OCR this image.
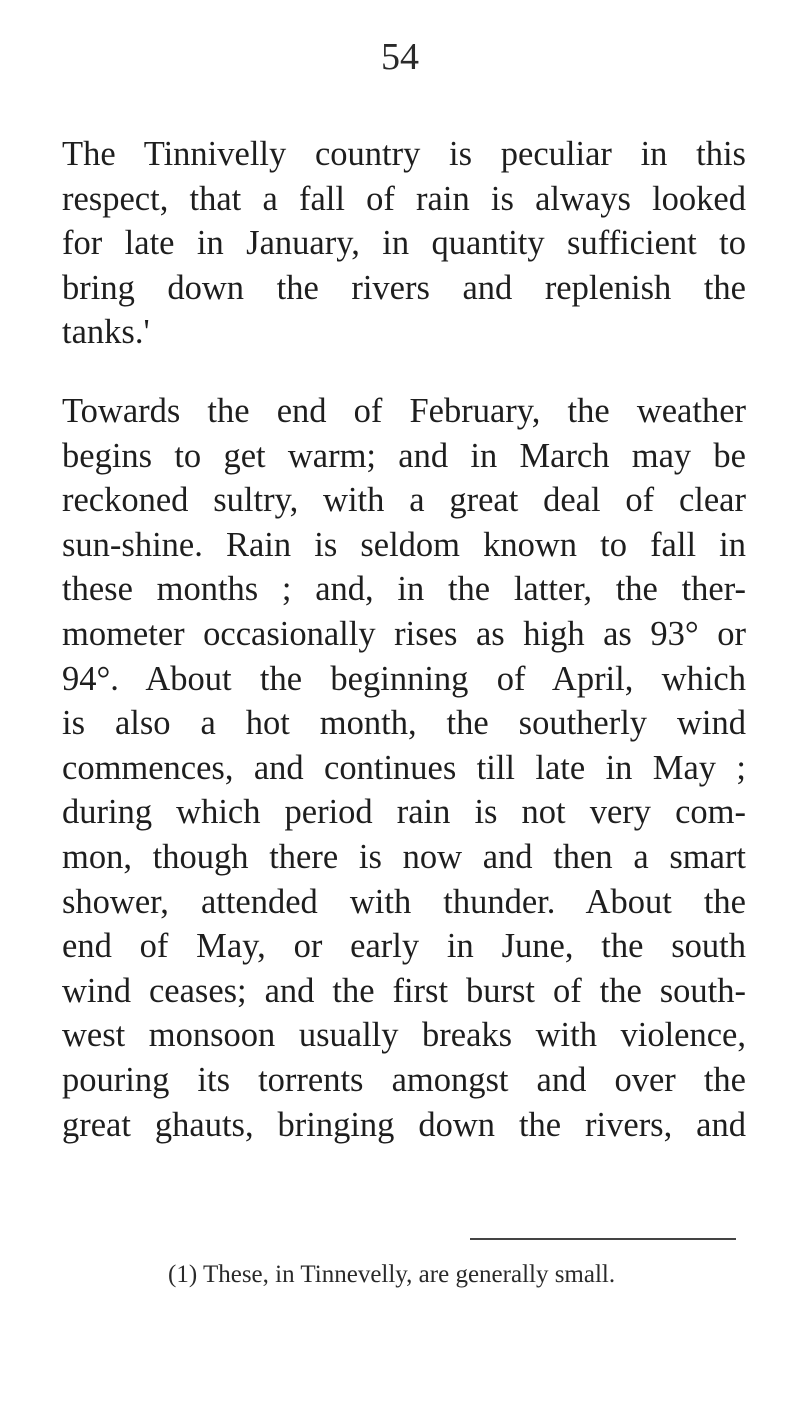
54
The Tinnivelly country is peculiar in this
respect, that a fall of rain is always looked
for late in January, in quantity sufficient to
bring down the rivers and replenish the
tanks.'
Towards the end of February, the weather
begins to get warm; and in March may be
reckoned sultry, with a great deal of clear
sun-shine. Rain is seldom known to fall in
these months ; and, in the latter, the ther-
mometer occasionally rises as high as 93° or
94°. About the beginning of April, which
is also a hot month, the southerly wind
commences, and continues till late in May ;
during which period rain is not very com-
mon, though there is now and then a smart
shower, attended with thunder. About the
end of May, or early in June, the south
wind ceases; and the first burst of the south-
west monsoon usually breaks with violence,
pouring its torrents amongst and over the
great ghauts, bringing down the rivers, and
(1) These, in Tinnevelly, are generally small.
